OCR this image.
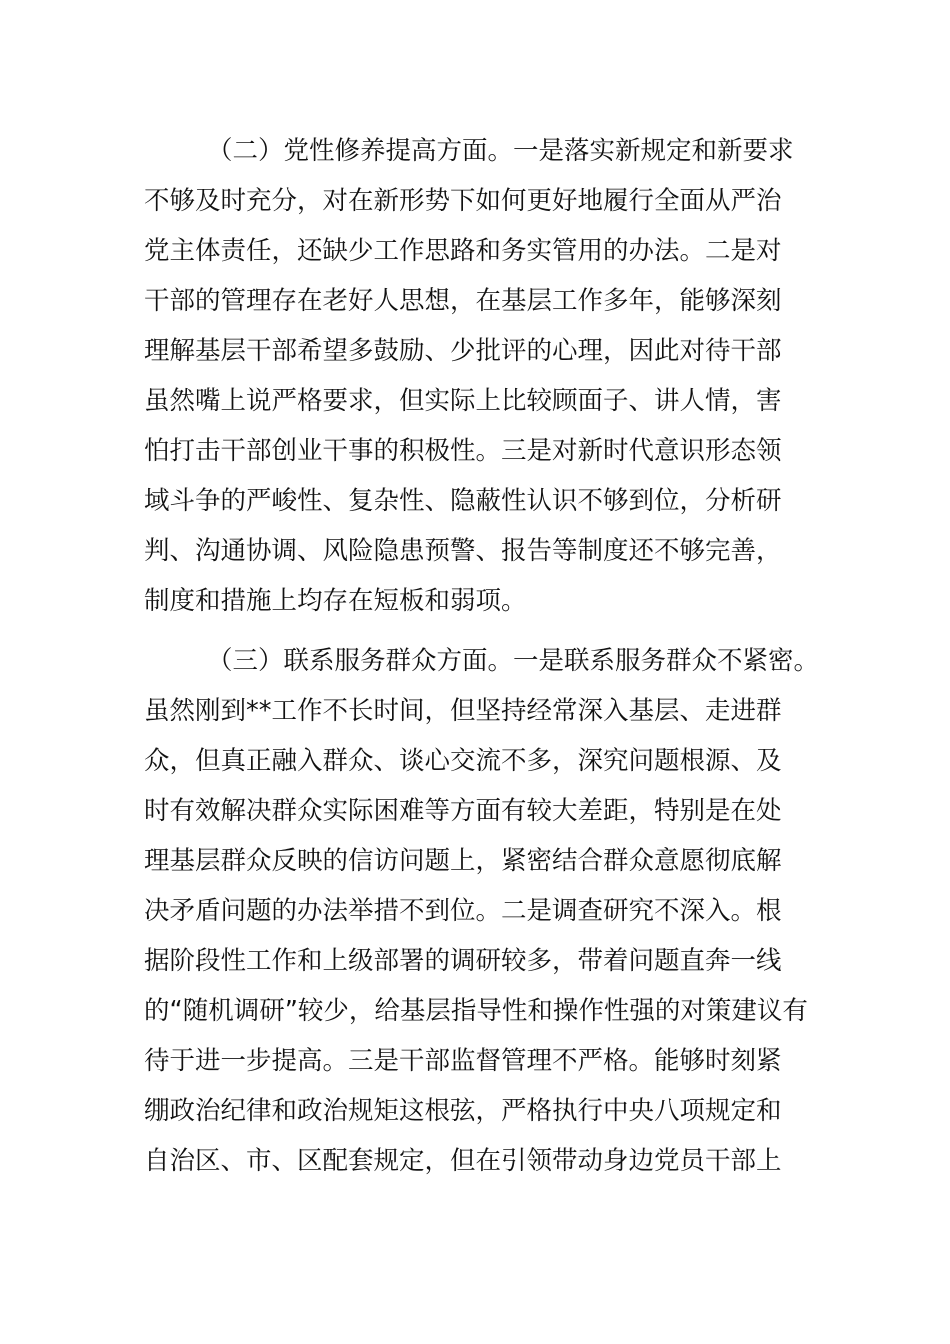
（二）党性修养提高方面。一是落实新规定和新要求
不够及时充分，对在新形势下如何更好地履行全面从严治
党主体责任，还缺少工作思路和务实管用的办法。二是对
干部的管理存在老好人思想，在基层工作多年，能够深刻
理解基层干部希望多鼓励、少批评的心理，因此对待干部
虽然嘴上说严格要求，但实际上比较顾面子、讲人情，害
怕打击干部创业干事的积极性。三是对新时代意识形态领
域斗争的严峻性、复杂性、隐蔽性认识不够到位，分析研
判、沟通协调、风险隐患预警、报告等制度还不够完善，
制度和措施上均存在短板和弱项。
（三）联系服务群众方面。一是联系服务群众不紧密。
虽然刚到**工作不长时间，但坚持经常深入基层、走进群
众，但真正融入群众、谈心交流不多，深究问题根源、及
时有效解决群众实际困难等方面有较大差距，特别是在处
理基层群众反映的信访问题上，紧密结合群众意愿彻底解
决矛盾问题的办法举措不到位。二是调查研究不深入。根
据阶段性工作和上级部署的调研较多，带着问题直奔一线
的“随机调研”较少，给基层指导性和操作性强的对策建议有
待于进一步提高。三是干部监督管理不严格。能够时刻紧
绷政治纪律和政治规矩这根弦，严格执行中央八项规定和
自治区、市、区配套规定，但在引领带动身边党员干部上
